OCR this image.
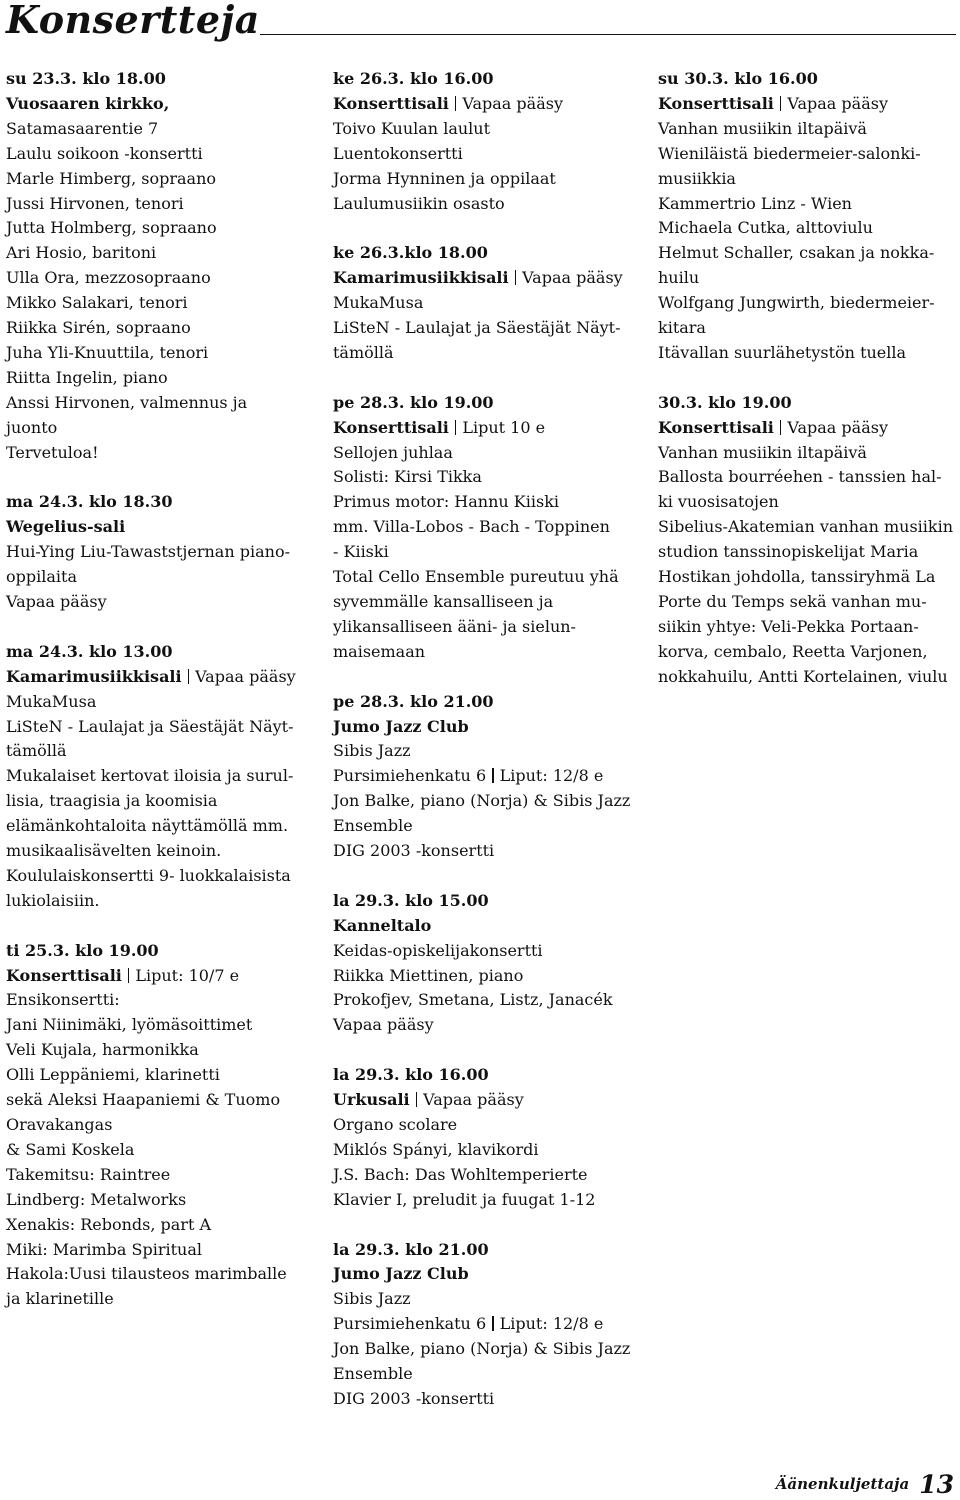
Konsertteja
su 23.3. klo 18.00
Vuosaaren kirkko,
Satamasaarentie 7
Laulu soikoon -konsertti
Marle Himberg, sopraano
Jussi Hirvonen, tenori
Jutta Holmberg, sopraano
Ari Hosio, baritoni
Ulla Ora, mezzosopraano
Mikko Salakari, tenori
Riikka Sirén, sopraano
Juha Yli-Knuuttila, tenori
Riitta Ingelin, piano
Anssi Hirvonen, valmennus ja
juonto
Tervetuloa!
ma 24.3. klo 18.30
Wegelius-sali
Hui-Ying Liu-Tawaststjernan piano-
oppilaita
Vapaa pääsy
ma 24.3. klo 13.00
Kamarimusiikkisali Vapaa pääsy
MukaMusa
LiSteN - Laulajat ja Säestäjät Näyt-
tämöllä
Mukalaiset kertovat iloisia ja surul-
lisia, traagisia ja koomisia
elämänkohtaloita näyttämöllä mm.
musikaalisävelten keinoin.
Koululaiskonsertti 9- luokkalaisista
lukiolaisiin.
ti 25.3. klo 19.00
Konserttisali Liput: 10/7 e
Ensikonsertti:
Jani Niinimäki, lyömäsoittimet
Veli Kujala, harmonikka
Olli Leppäniemi, klarinetti
sekä Aleksi Haapaniemi & Tuomo
Oravakangas
& Sami Koskela
Takemitsu: Raintree
Lindberg: Metalworks
Xenakis: Rebonds, part A
Miki: Marimba Spiritual
Hakola:Uusi tilausteos marimballe
ja klarinetille
ke 26.3. klo 16.00
Konserttisali Vapaa pääsy
Toivo Kuulan laulut
Luentokonsertti
Jorma Hynninen ja oppilaat
Laulumusiikin osasto
ke 26.3.klo 18.00
Kamarimusiikkisali Vapaa pääsy
MukaMusa
LiSteN - Laulajat ja Säestäjät Näyt-
tämöllä
pe 28.3. klo 19.00
Konserttisali Liput 10 e
Sellojen juhlaa
Solisti: Kirsi Tikka
Primus motor: Hannu Kiiski
mm. Villa-Lobos - Bach - Toppinen
- Kiiski
Total Cello Ensemble pureutuu yhä
syvemmälle kansalliseen ja
ylikansalliseen ääni- ja sielun-
maisemaan
pe 28.3. klo 21.00
Jumo Jazz Club
Sibis Jazz
Pursimiehenkatu 6 Liput: 12/8 e
Jon Balke, piano (Norja) & Sibis Jazz
Ensemble
DIG 2003 -konsertti
la 29.3. klo 15.00
Kanneltalo
Keidas-opiskelijakonsertti
Riikka Miettinen, piano
Prokofjev, Smetana, Listz, Janacék
Vapaa pääsy
la 29.3. klo 16.00
Urkusali Vapaa pääsy
Organo scolare
Miklós Spányi, klavikordi
J.S. Bach: Das Wohltemperierte
Klavier I, preludit ja fuugat 1-12
la 29.3. klo 21.00
Jumo Jazz Club
Sibis Jazz
Pursimiehenkatu 6 Liput: 12/8 e
Jon Balke, piano (Norja) & Sibis Jazz
Ensemble
DIG 2003 -konsertti
su 30.3. klo 16.00
Konserttisali Vapaa pääsy
Vanhan musiikin iltapäivä
Wieniläistä biedermeier-salonki-
musiikkia
Kammertrio Linz - Wien
Michaela Cutka, alttoviulu
Helmut Schaller, csakan ja nokka-
huilu
Wolfgang Jungwirth, biedermeier-
kitara
Itävallan suurlähetystön tuella
30.3. klo 19.00
Konserttisali Vapaa pääsy
Vanhan musiikin iltapäivä
Ballosta bourréehen - tanssien hal-
ki vuosisatojen
Sibelius-Akatemian vanhan musiikin
studion tanssinopiskelijat Maria
Hostikan johdolla, tanssiryhmä La
Porte du Temps sekä vanhan mu-
siikin yhtye: Veli-Pekka Portaan-
korva, cembalo, Reetta Varjonen,
nokkahuilu, Antti Kortelainen, viulu
Äänenkuljettaja 13
